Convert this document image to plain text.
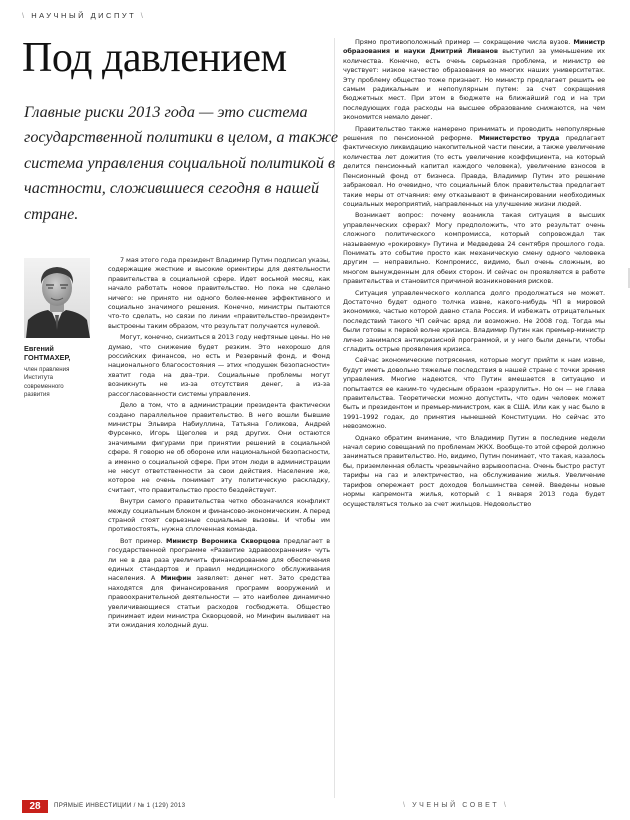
\ НАУЧНЫЙ ДИСПУТ \
Под давлением

Главные риски 2013 года — это система государственной политики в целом, а также система управления социальной политикой в частности, сложившиеся сегодня в нашей стране.

Евгений
ГОНТМАХЕР,
член правления
Института
современного
развития

7 мая этого года президент Владимир Путин подписал указы, содержащие жесткие и высокие ориентиры для деятельности правительства в социальной сфере. Идет восьмой месяц, как начало работать новое правительство. Но пока не сделано ничего: не принято ни одного более-менее эффективного и социально значимого решения. Конечно, министры пытаются что-то сделать, но связи по линии «правительство–президент» выстроены таким образом, что результат получается нулевой.

Могут, конечно, снизиться в 2013 году нефтяные цены. Но не думаю, что снижение будет резким. Это нехорошо для российских финансов, но есть и Резервный фонд, и Фонд национального благосостояния — этих «подушек безопасности» хватит года на два–три. Социальные проблемы могут возникнуть не из-за отсутствия денег, а из-за рассогласованности системы управления.

Дело в том, что в администрации президента фактически создано параллельное правительство. В него вошли бывшие министры Эльвира Набиуллина, Татьяна Голикова, Андрей Фурсенко, Игорь Щеголев и ряд других. Они остаются значимыми фигурами при принятии решений в социальной сфере. Я говорю не об обороне или национальной безопасности, а именно о социальной сфере. При этом люди в администрации не несут ответственности за свои действия. Население же, которое не очень понимает эту политическую раскладку, считает, что правительство просто бездействует.

Внутри самого правительства четко обозначился конфликт между социальным блоком и финансово-экономическим. А перед страной стоят серьезные социальные вызовы. И чтобы им противостоять, нужна сплоченная команда.

Вот пример. Министр Вероника Скворцова предлагает в государственной программе «Развитие здравоохранения» чуть ли не в два раза увеличить финансирование для обеспечения единых стандартов и правил медицинского обслуживания населения. А Минфин заявляет: денег нет. Зато средства находятся для финансирования программ вооружений и правоохранительной деятельности — это наиболее динамично увеличивающиеся статьи расходов госбюджета. Общество принимает идеи министра Скворцовой, но Минфин выливает на эти ожидания холодный душ.

Прямо противоположный пример — сокращение числа вузов. Министр образования и науки Дмитрий Ливанов выступил за уменьшение их количества. Конечно, есть очень серьезная проблема, и министр ее чувствует: низкое качество образования во многих наших университетах. Эту проблему общество тоже признает. Но министр предлагает решить ее самым радикальным и непопулярным путем: за счет сокращения бюджетных мест. При этом в бюджете на ближайший год и на три последующих года расходы на высшее образование снижаются, на чем экономится немало денег.

Правительство также намерено принимать и проводить непопулярные решения по пенсионной реформе. Министерство труда предлагает фактическую ликвидацию накопительной части пенсии, а также увеличение количества лет дожития (то есть увеличение коэффициента, на который делится пенсионный капитал каждого человека), увеличение взносов в Пенсионный фонд от бизнеса. Правда, Владимир Путин это решение забраковал. Но очевидно, что социальный блок правительства предлагает такие меры от отчаяния: ему отказывают в финансировании необходимых социальных мероприятий, направленных на улучшение жизни людей.

Возникает вопрос: почему возникла такая ситуация в высших управленческих сферах? Могу предположить, что это результат очень сложного политического компромисса, который сопровождал так называемую «рокировку» Путина и Медведева 24 сентября прошлого года. Понимать это событие просто как механическую смену одного человека другим — неправильно. Компромисс, видимо, был очень сложным, во многом вынужденным для обеих сторон. И сейчас он проявляется в работе правительства и становится причиной возникновения рисков.

Ситуация управленческого коллапса долго продолжаться не может. Достаточно будет одного толчка извне, какого-нибудь ЧП в мировой экономике, частью которой давно стала Россия. И избежать отрицательных последствий такого ЧП сейчас вряд ли возможно. Не 2008 год. Тогда мы были готовы к первой волне кризиса. Владимир Путин как премьер-министр лично занимался антикризисной программой, и у него были деньги, чтобы сгладить острые проявления кризиса.

Сейчас экономические потрясения, которые могут прийти к нам извне, будут иметь довольно тяжелые последствия в нашей стране с точки зрения управления. Многие надеются, что Путин вмешается в ситуацию и попытается ее каким-то чудесным образом «разрулить». Но он — не глава правительства. Теоретически можно допустить, что один человек может быть и президентом и премьер-министром, как в США. Или как у нас было в 1991–1992 годах, до принятия нынешней Конституции. Но сейчас это невозможно.

Однако обратим внимание, что Владимир Путин в последние недели начал серию совещаний по проблемам ЖКХ. Вообще-то этой сферой должно заниматься правительство. Но, видимо, Путин понимает, что такая, казалось бы, приземленная область чрезвычайно взрывоопасна. Очень быстро растут тарифы на газ и электричество, на обслуживание жилья. Увеличение тарифов опережает рост доходов большинства семей. Введены новые нормы капремонта жилья, который с 1 января 2013 года будет осуществляться только за счет жильцов. Недовольство

28	ПРЯМЫЕ ИНВЕСТИЦИИ / № 1 (129) 2013	\ УЧЕНЫЙ СОВЕТ \
